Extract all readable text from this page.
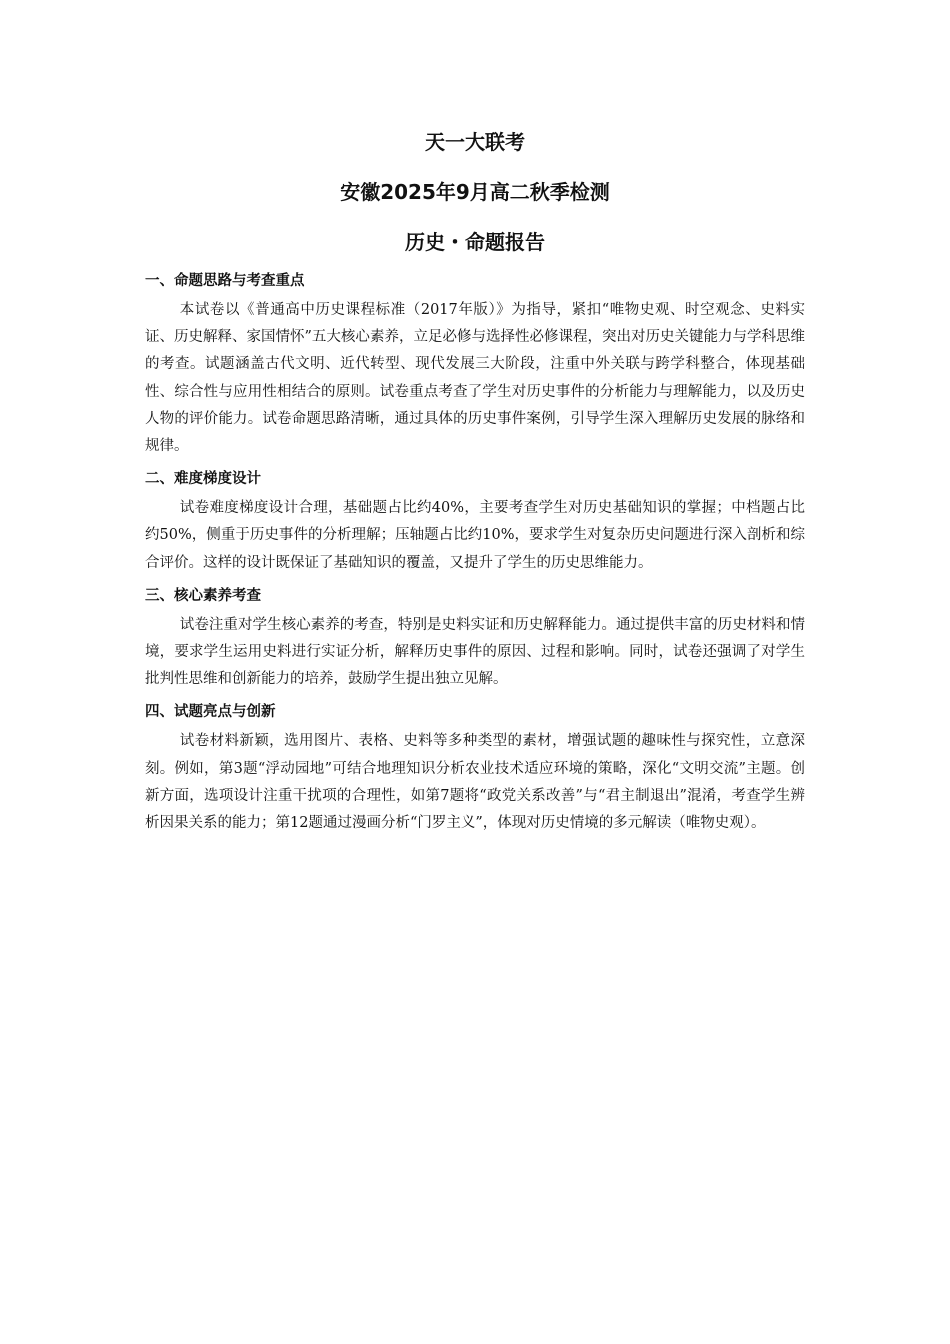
天一大联考
安徽2025年9月高二秋季检测
历史・命题报告

一、命题思路与考查重点

本试卷以《普通高中历史课程标准（2017年版）》为指导，紧扣“唯物史观、时空观念、史料实证、历史解释、家国情怀”五大核心素养，立足必修与选择性必修课程，突出对历史关键能力与学科思维的考查。试题涵盖古代文明、近代转型、现代发展三大阶段，注重中外关联与跨学科整合，体现基础性、综合性与应用性相结合的原则。试卷重点考查了学生对历史事件的分析能力与理解能力，以及历史人物的评价能力。试卷命题思路清晰，通过具体的历史事件案例，引导学生深入理解历史发展的脉络和规律。

二、难度梯度设计

试卷难度梯度设计合理，基础题占比约40%，主要考查学生对历史基础知识的掌握；中档题占比约50%，侧重于历史事件的分析理解；压轴题占比约10%，要求学生对复杂历史问题进行深入剖析和综合评价。这样的设计既保证了基础知识的覆盖，又提升了学生的历史思维能力。

三、核心素养考查

试卷注重对学生核心素养的考查，特别是史料实证和历史解释能力。通过提供丰富的历史材料和情境，要求学生运用史料进行实证分析，解释历史事件的原因、过程和影响。同时，试卷还强调了对学生批判性思维和创新能力的培养，鼓励学生提出独立见解。

四、试题亮点与创新

试卷材料新颖，选用图片、表格、史料等多种类型的素材，增强试题的趣味性与探究性，立意深刻。例如，第3题“浮动园地”可结合地理知识分析农业技术适应环境的策略，深化“文明交流”主题。创新方面，选项设计注重干扰项的合理性，如第7题将“政党关系改善”与“君主制退出”混淆，考查学生辨析因果关系的能力；第12题通过漫画分析“门罗主义”，体现对历史情境的多元解读（唯物史观）。
